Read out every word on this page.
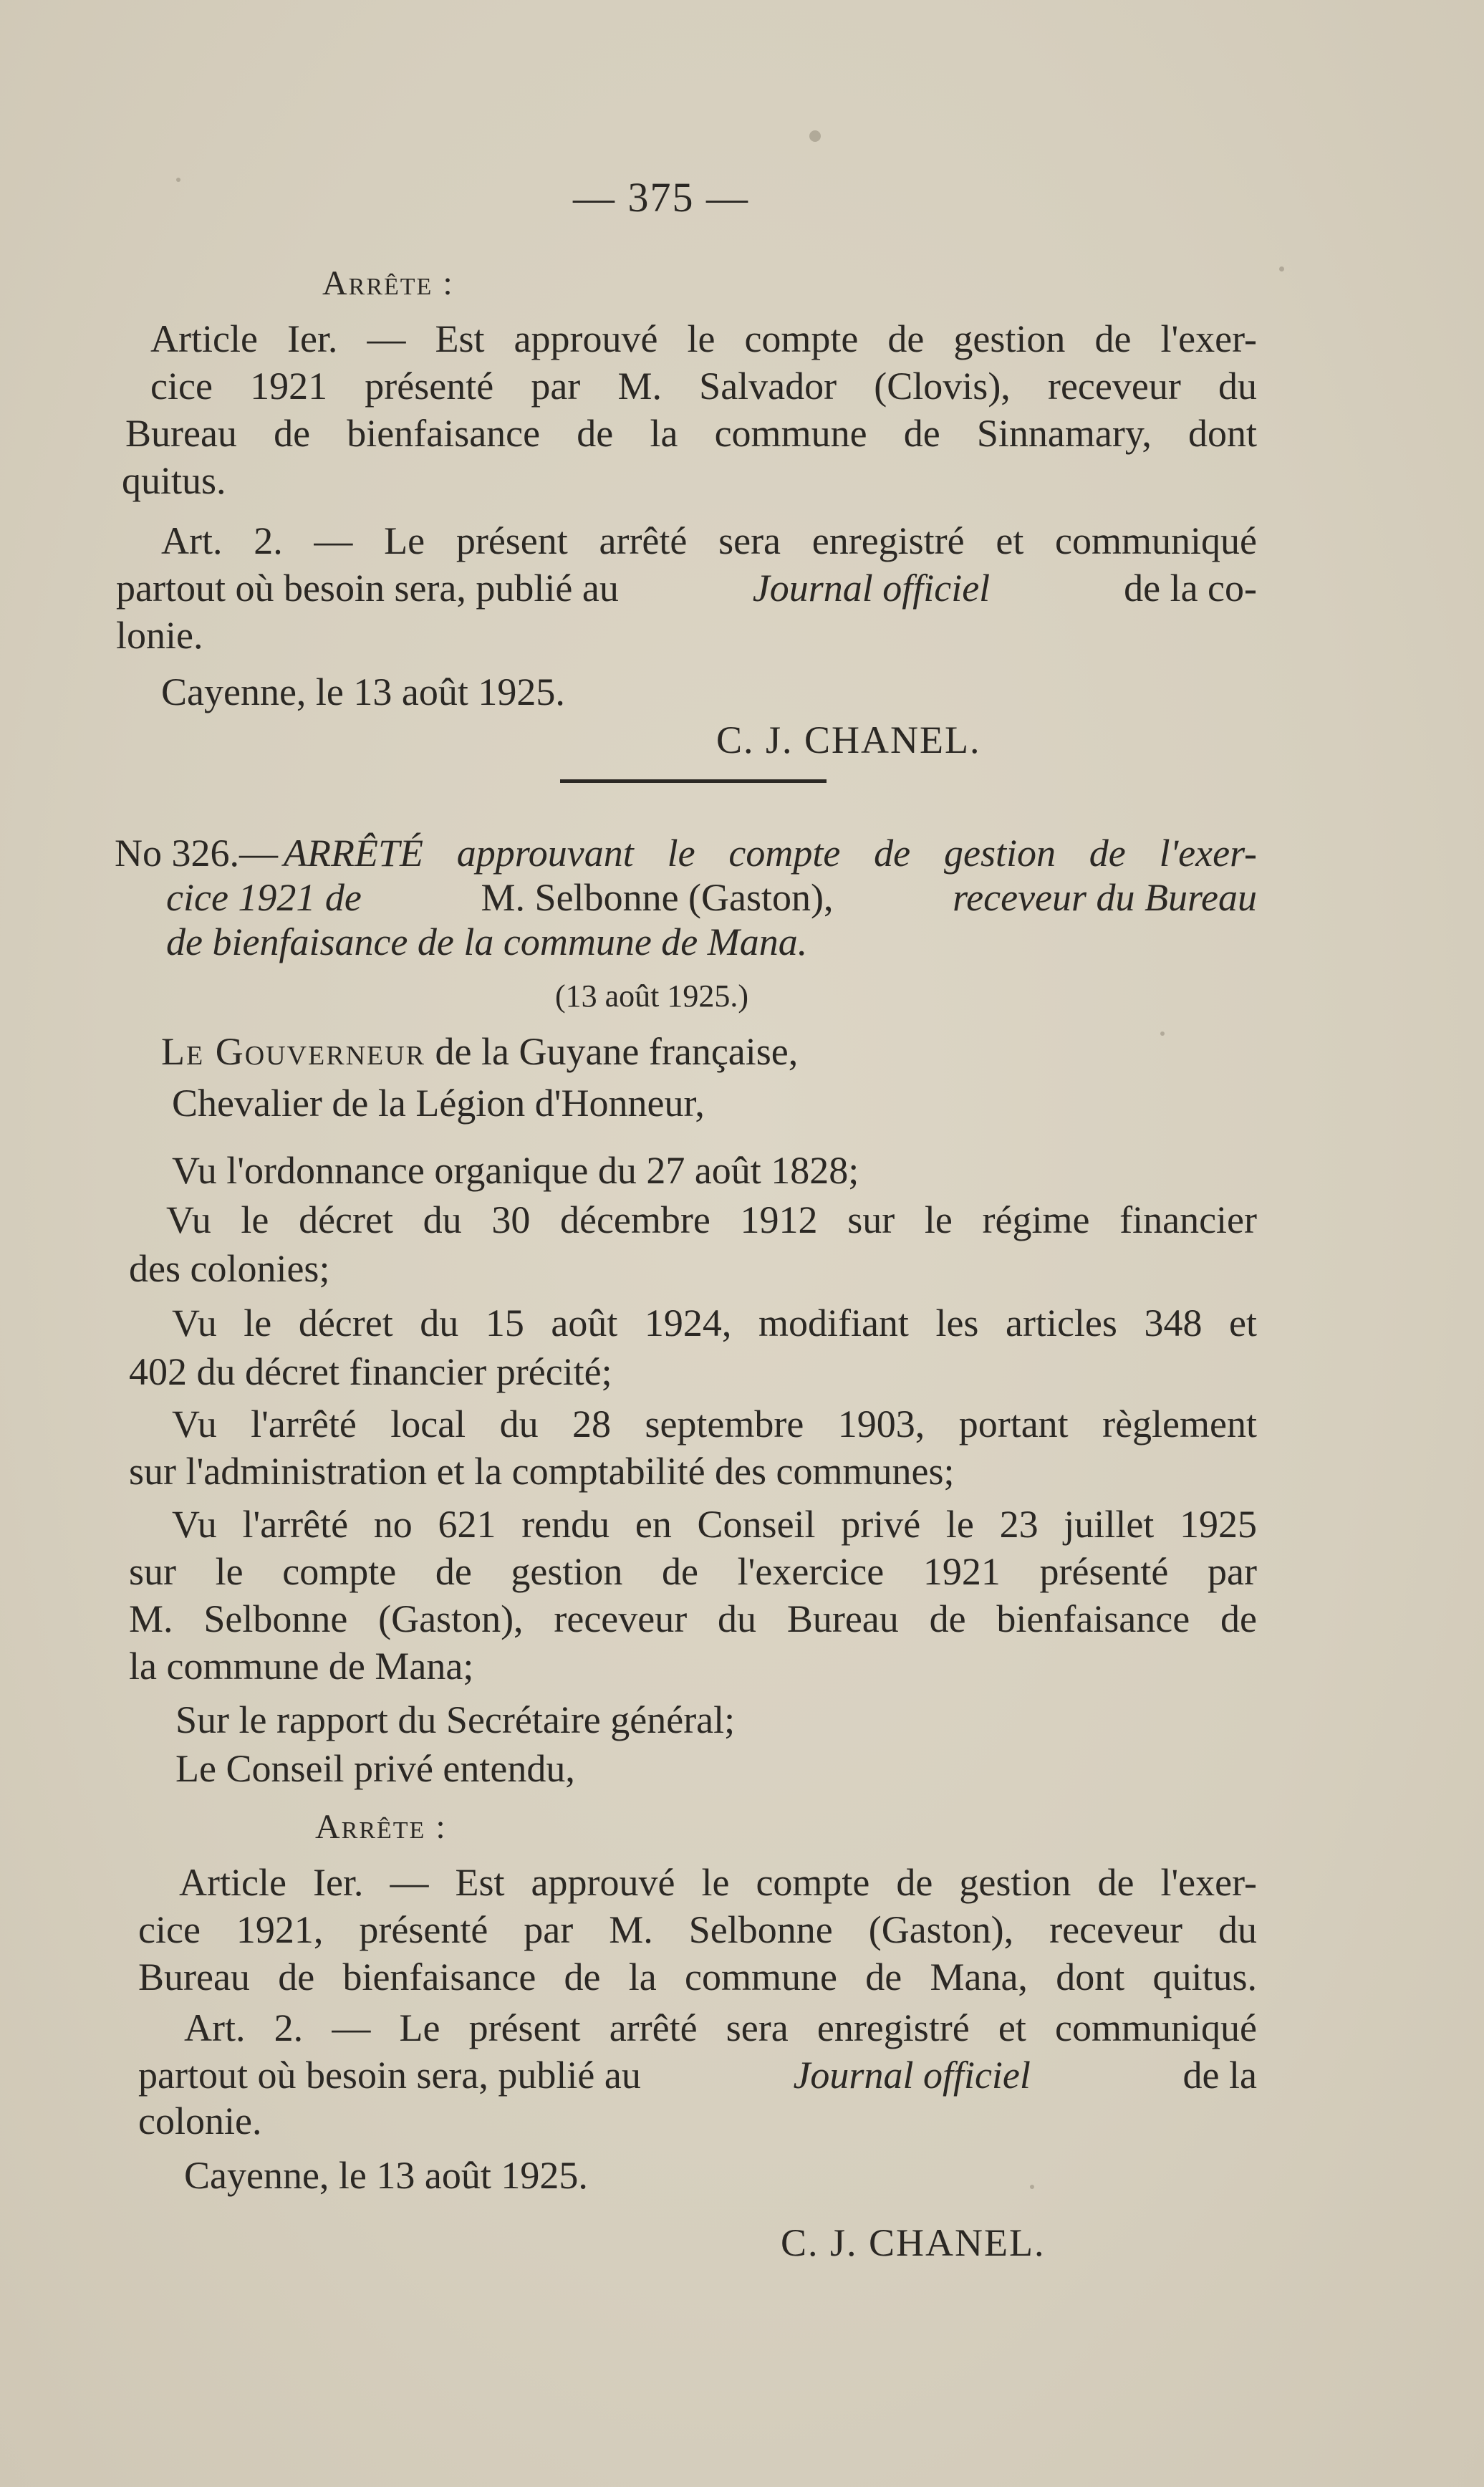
— 375 —
Arrête :
Article Ier. — Est approuvé le compte de gestion de l'exer-
cice 1921 présenté par M. Salvador (Clovis), receveur du
Bureau de bienfaisance de la commune de Sinnamary, dont
quitus.
Art. 2. — Le présent arrêté sera enregistré et communiqué
partout où besoin sera, publié au	Journal officiel	de la co-
lonie.
Cayenne, le 13 août 1925.
C. J. CHANEL.
No 326.— ARRÊTÉ approuvant le compte de gestion de l'exer-
cice 1921 de	M. Selbonne (Gaston),	receveur du Bureau
de bienfaisance de la commune de Mana.
(13 août 1925.)
Le Gouverneur de la Guyane française,
Chevalier de la Légion d'Honneur,
Vu l'ordonnance organique du 27 août 1828;
Vu le décret du 30 décembre 1912 sur le régime financier
des colonies;
Vu le décret du 15 août 1924, modifiant les articles 348 et
402 du décret financier précité;
Vu l'arrêté local du 28 septembre 1903, portant règlement
sur l'administration et la comptabilité des communes;
Vu l'arrêté no 621 rendu en Conseil privé le 23 juillet 1925
sur le compte de gestion de l'exercice 1921 présenté par
M. Selbonne (Gaston), receveur du Bureau de bienfaisance de
la commune de Mana;
Sur le rapport du Secrétaire général;
Le Conseil privé entendu,
Arrête :
Article Ier. — Est approuvé le compte de gestion de l'exer-
cice 1921, présenté par M. Selbonne (Gaston), receveur du
Bureau de bienfaisance de la commune de Mana, dont quitus.
Art. 2. — Le présent arrêté sera enregistré et communiqué
partout où besoin sera, publié au	Journal officiel	de la
colonie.
Cayenne, le 13 août 1925.
C. J. CHANEL.
